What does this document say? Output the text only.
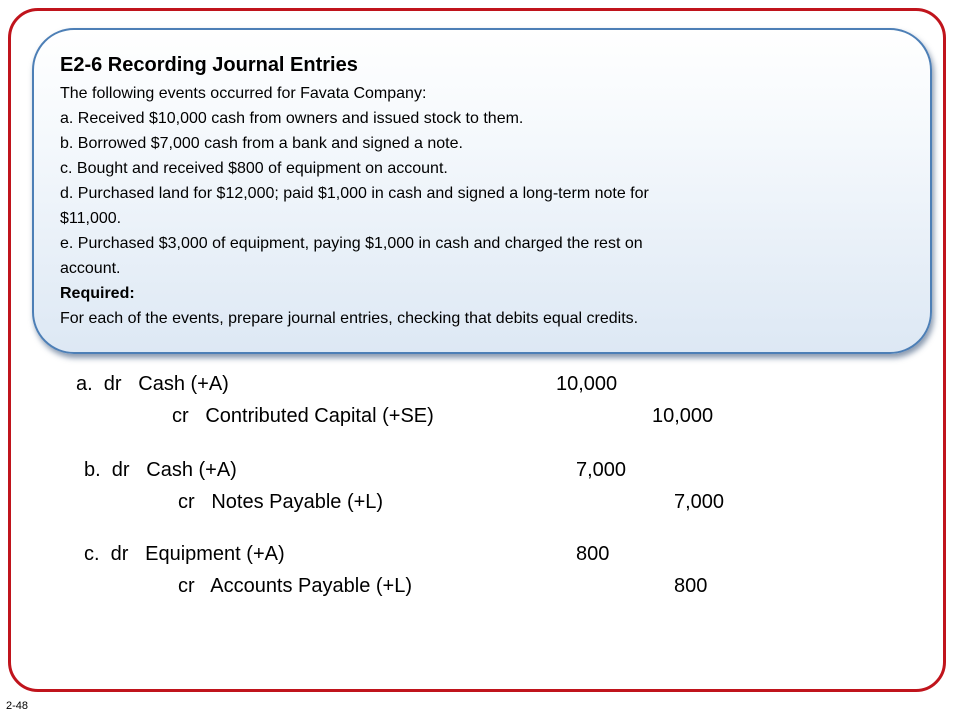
E2-6 Recording Journal Entries
The following events occurred for Favata Company:
a. Received $10,000 cash from owners and issued stock to them.
b. Borrowed $7,000 cash from a bank and signed a note.
c. Bought and received $800 of equipment on account.
d. Purchased land for $12,000; paid $1,000 in cash and signed a long-term note for
$11,000.
e. Purchased $3,000 of equipment, paying $1,000 in cash and charged the rest on
account.
Required:
For each of the events, prepare journal entries, checking that debits equal credits.
a.  dr   Cash (+A)	10,000
cr   Contributed Capital (+SE)	10,000
b.  dr   Cash (+A)	7,000
cr   Notes Payable (+L)	7,000
c.  dr   Equipment (+A)	800
cr   Accounts Payable (+L)	800
2-48
